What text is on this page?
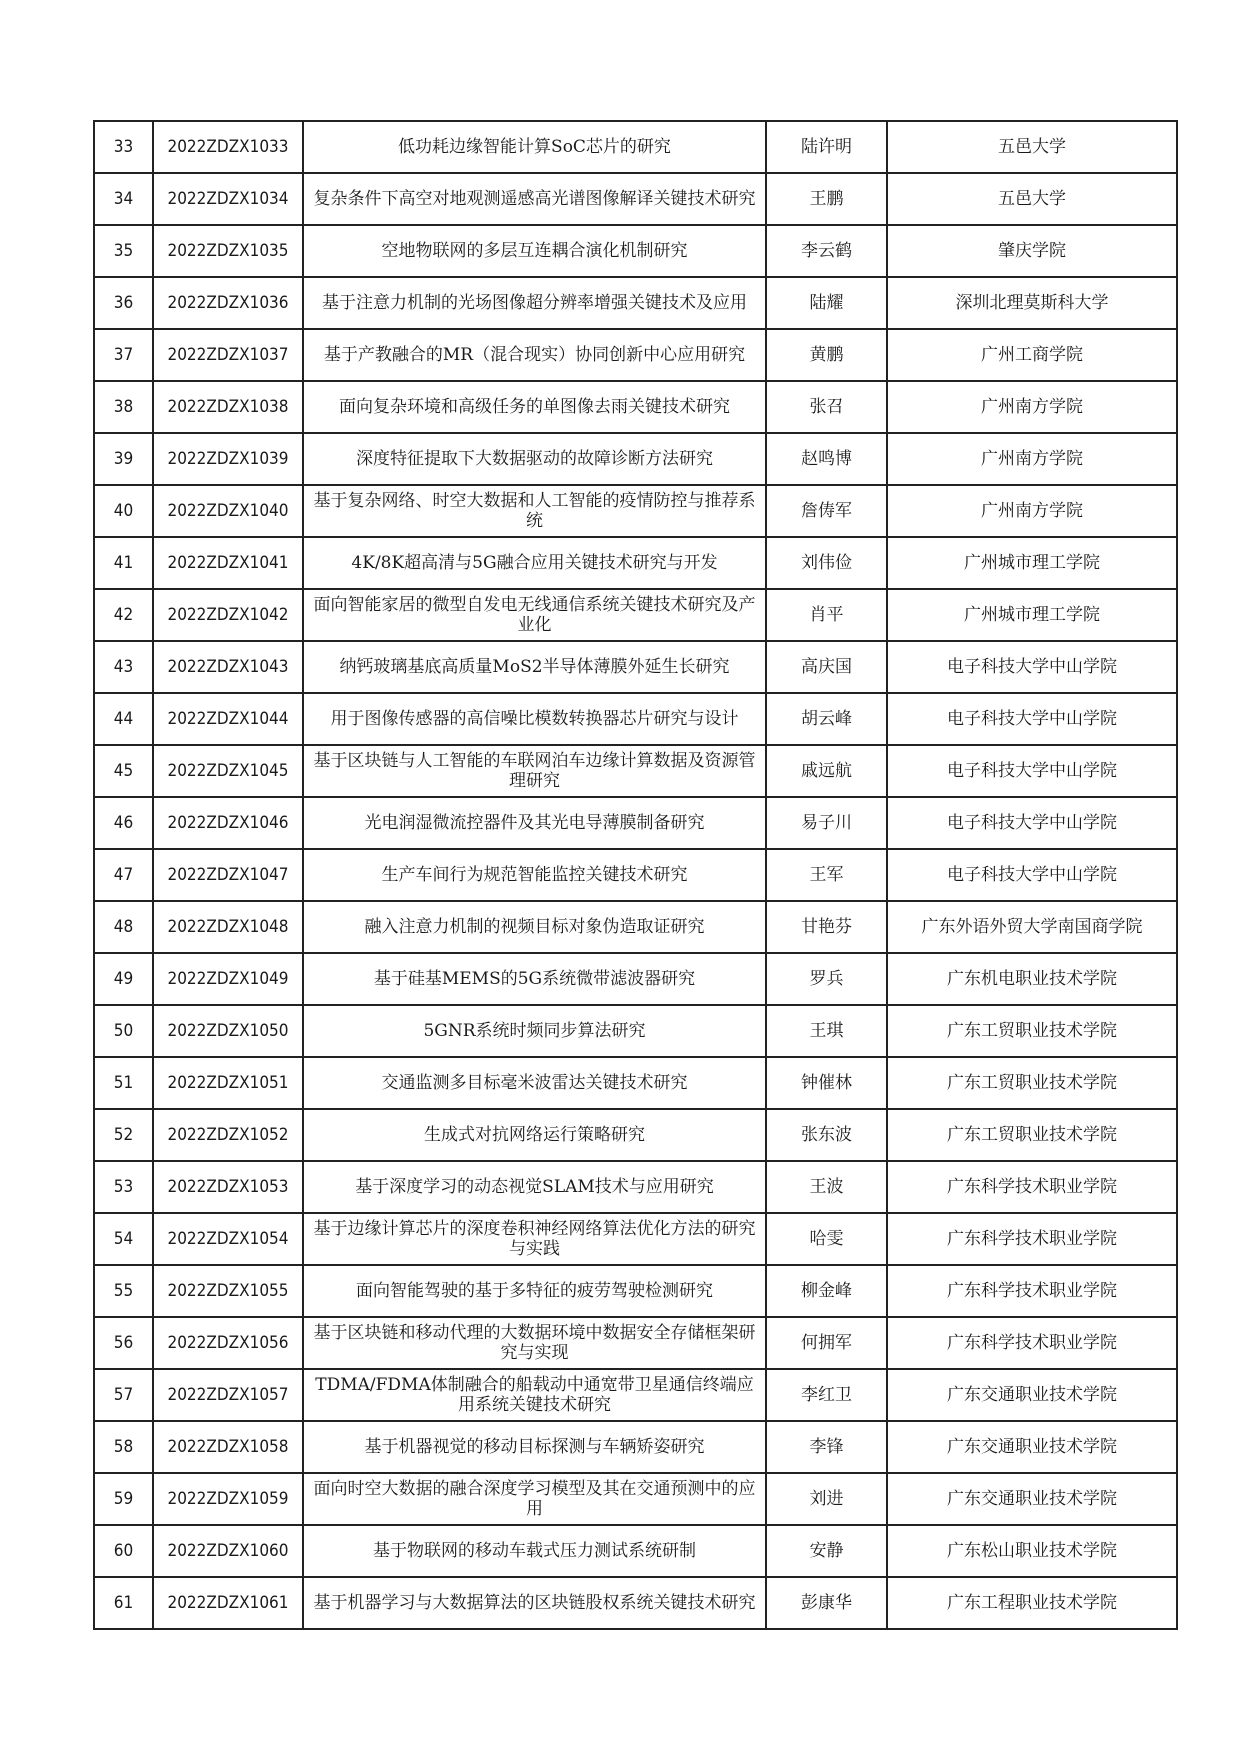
33	2022ZDZX1033	低功耗边缘智能计算SoC芯片的研究	陆许明	五邑大学
34	2022ZDZX1034	复杂条件下高空对地观测遥感高光谱图像解译关键技术研究	王鹏	五邑大学
35	2022ZDZX1035	空地物联网的多层互连耦合演化机制研究	李云鹤	肇庆学院
36	2022ZDZX1036	基于注意力机制的光场图像超分辨率增强关键技术及应用	陆耀	深圳北理莫斯科大学
37	2022ZDZX1037	基于产教融合的MR（混合现实）协同创新中心应用研究	黄鹏	广州工商学院
38	2022ZDZX1038	面向复杂环境和高级任务的单图像去雨关键技术研究	张召	广州南方学院
39	2022ZDZX1039	深度特征提取下大数据驱动的故障诊断方法研究	赵鸣博	广州南方学院
40	2022ZDZX1040	基于复杂网络、时空大数据和人工智能的疫情防控与推荐系统	詹俦军	广州南方学院
41	2022ZDZX1041	4K/8K超高清与5G融合应用关键技术研究与开发	刘伟俭	广州城市理工学院
42	2022ZDZX1042	面向智能家居的微型自发电无线通信系统关键技术研究及产业化	肖平	广州城市理工学院
43	2022ZDZX1043	纳钙玻璃基底高质量MoS2半导体薄膜外延生长研究	高庆国	电子科技大学中山学院
44	2022ZDZX1044	用于图像传感器的高信噪比模数转换器芯片研究与设计	胡云峰	电子科技大学中山学院
45	2022ZDZX1045	基于区块链与人工智能的车联网泊车边缘计算数据及资源管理研究	戚远航	电子科技大学中山学院
46	2022ZDZX1046	光电润湿微流控器件及其光电导薄膜制备研究	易子川	电子科技大学中山学院
47	2022ZDZX1047	生产车间行为规范智能监控关键技术研究	王军	电子科技大学中山学院
48	2022ZDZX1048	融入注意力机制的视频目标对象伪造取证研究	甘艳芬	广东外语外贸大学南国商学院
49	2022ZDZX1049	基于硅基MEMS的5G系统微带滤波器研究	罗兵	广东机电职业技术学院
50	2022ZDZX1050	5GNR系统时频同步算法研究	王琪	广东工贸职业技术学院
51	2022ZDZX1051	交通监测多目标毫米波雷达关键技术研究	钟催林	广东工贸职业技术学院
52	2022ZDZX1052	生成式对抗网络运行策略研究	张东波	广东工贸职业技术学院
53	2022ZDZX1053	基于深度学习的动态视觉SLAM技术与应用研究	王波	广东科学技术职业学院
54	2022ZDZX1054	基于边缘计算芯片的深度卷积神经网络算法优化方法的研究与实践	哈雯	广东科学技术职业学院
55	2022ZDZX1055	面向智能驾驶的基于多特征的疲劳驾驶检测研究	柳金峰	广东科学技术职业学院
56	2022ZDZX1056	基于区块链和移动代理的大数据环境中数据安全存储框架研究与实现	何拥军	广东科学技术职业学院
57	2022ZDZX1057	TDMA/FDMA体制融合的船载动中通宽带卫星通信终端应用系统关键技术研究	李红卫	广东交通职业技术学院
58	2022ZDZX1058	基于机器视觉的移动目标探测与车辆矫姿研究	李锋	广东交通职业技术学院
59	2022ZDZX1059	面向时空大数据的融合深度学习模型及其在交通预测中的应用	刘进	广东交通职业技术学院
60	2022ZDZX1060	基于物联网的移动车载式压力测试系统研制	安静	广东松山职业技术学院
61	2022ZDZX1061	基于机器学习与大数据算法的区块链股权系统关键技术研究	彭康华	广东工程职业技术学院
